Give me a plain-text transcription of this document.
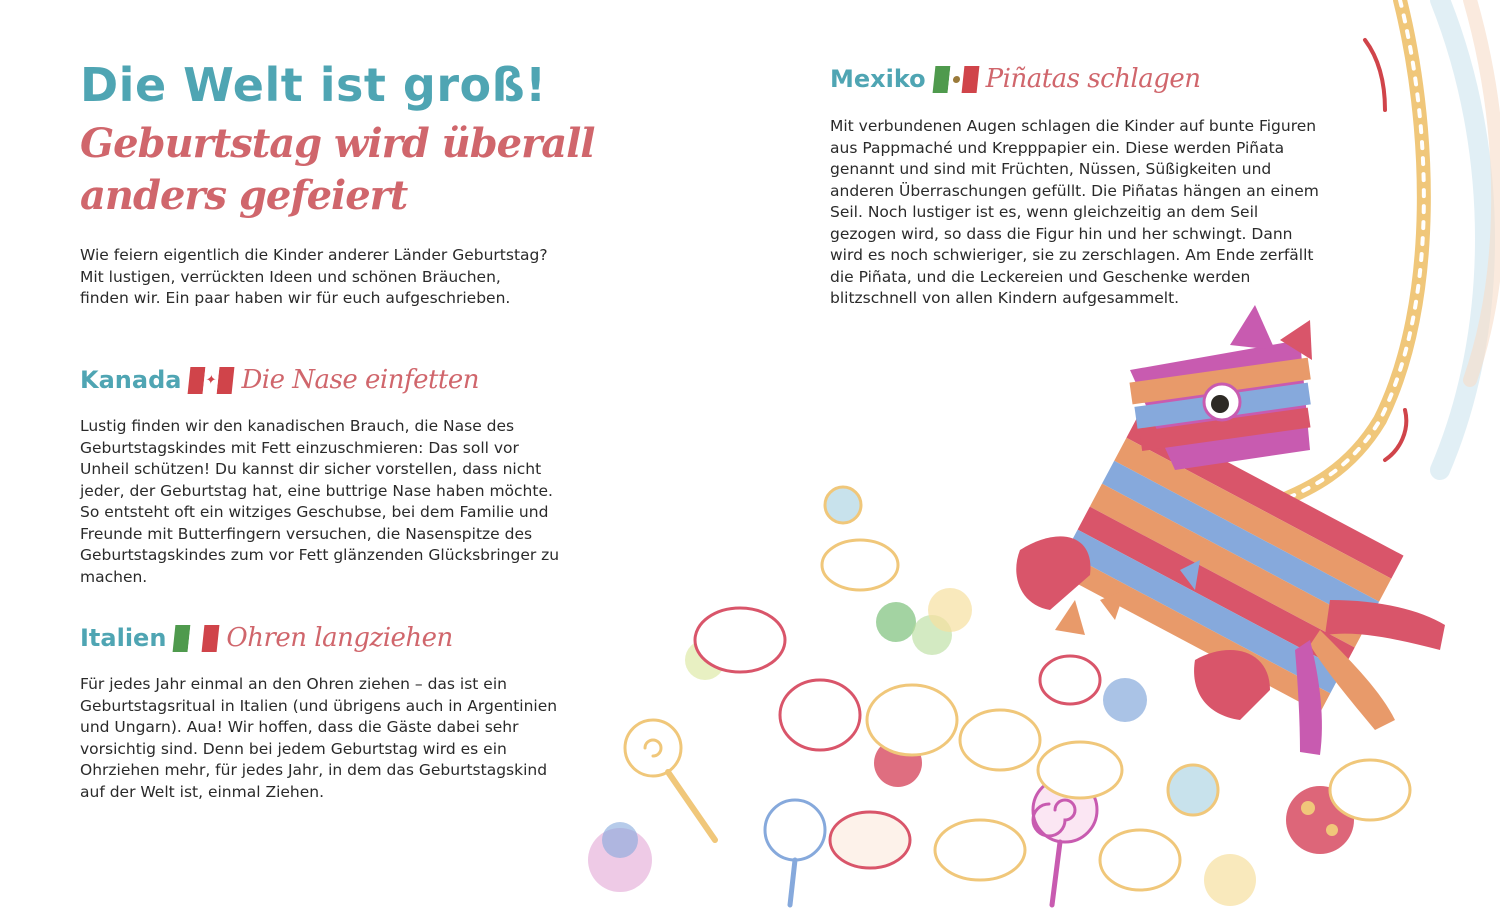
Die Welt ist groß!
Geburtstag wird überall anders gefeiert

Wie feiern eigentlich die Kinder anderer Länder Geburtstag? Mit lustigen, verrückten Ideen und schönen Bräuchen, finden wir. Ein paar haben wir für euch aufgeschrieben.

Kanada ✦ Die Nase einfetten

Lustig finden wir den kanadischen Brauch, die Nase des Geburtstagskindes mit Fett einzuschmieren: Das soll vor Unheil schützen! Du kannst dir sicher vorstellen, dass nicht jeder, der Geburtstag hat, eine buttrige Nase haben möchte. So entsteht oft ein witziges Geschubse, bei dem Familie und Freunde mit Butterfingern versuchen, die Nasenspitze des Geburtstagskindes zum vor Fett glänzenden Glücksbringer zu machen.

Italien Ohren langziehen

Für jedes Jahr einmal an den Ohren ziehen – das ist ein Geburtstagsritual in Italien (und übrigens auch in Argentinien und Ungarn). Aua! Wir hoffen, dass die Gäste dabei sehr vorsichtig sind. Denn bei jedem Geburtstag wird es ein Ohrziehen mehr, für jedes Jahr, in dem das Geburtstagskind auf der Welt ist, einmal Ziehen.

Mexiko Piñatas schlagen

Mit verbundenen Augen schlagen die Kinder auf bunte Figuren aus Pappmaché und Krepppapier ein. Diese werden Piñata genannt und sind mit Früchten, Nüssen, Süßigkeiten und anderen Überraschungen gefüllt. Die Piñatas hängen an einem Seil. Noch lustiger ist es, wenn gleichzeitig an dem Seil gezogen wird, so dass die Figur hin und her schwingt. Dann wird es noch schwieriger, sie zu zerschlagen. Am Ende zerfällt die Piñata, und die Leckereien und Geschenke werden blitzschnell von allen Kindern aufgesammelt.
